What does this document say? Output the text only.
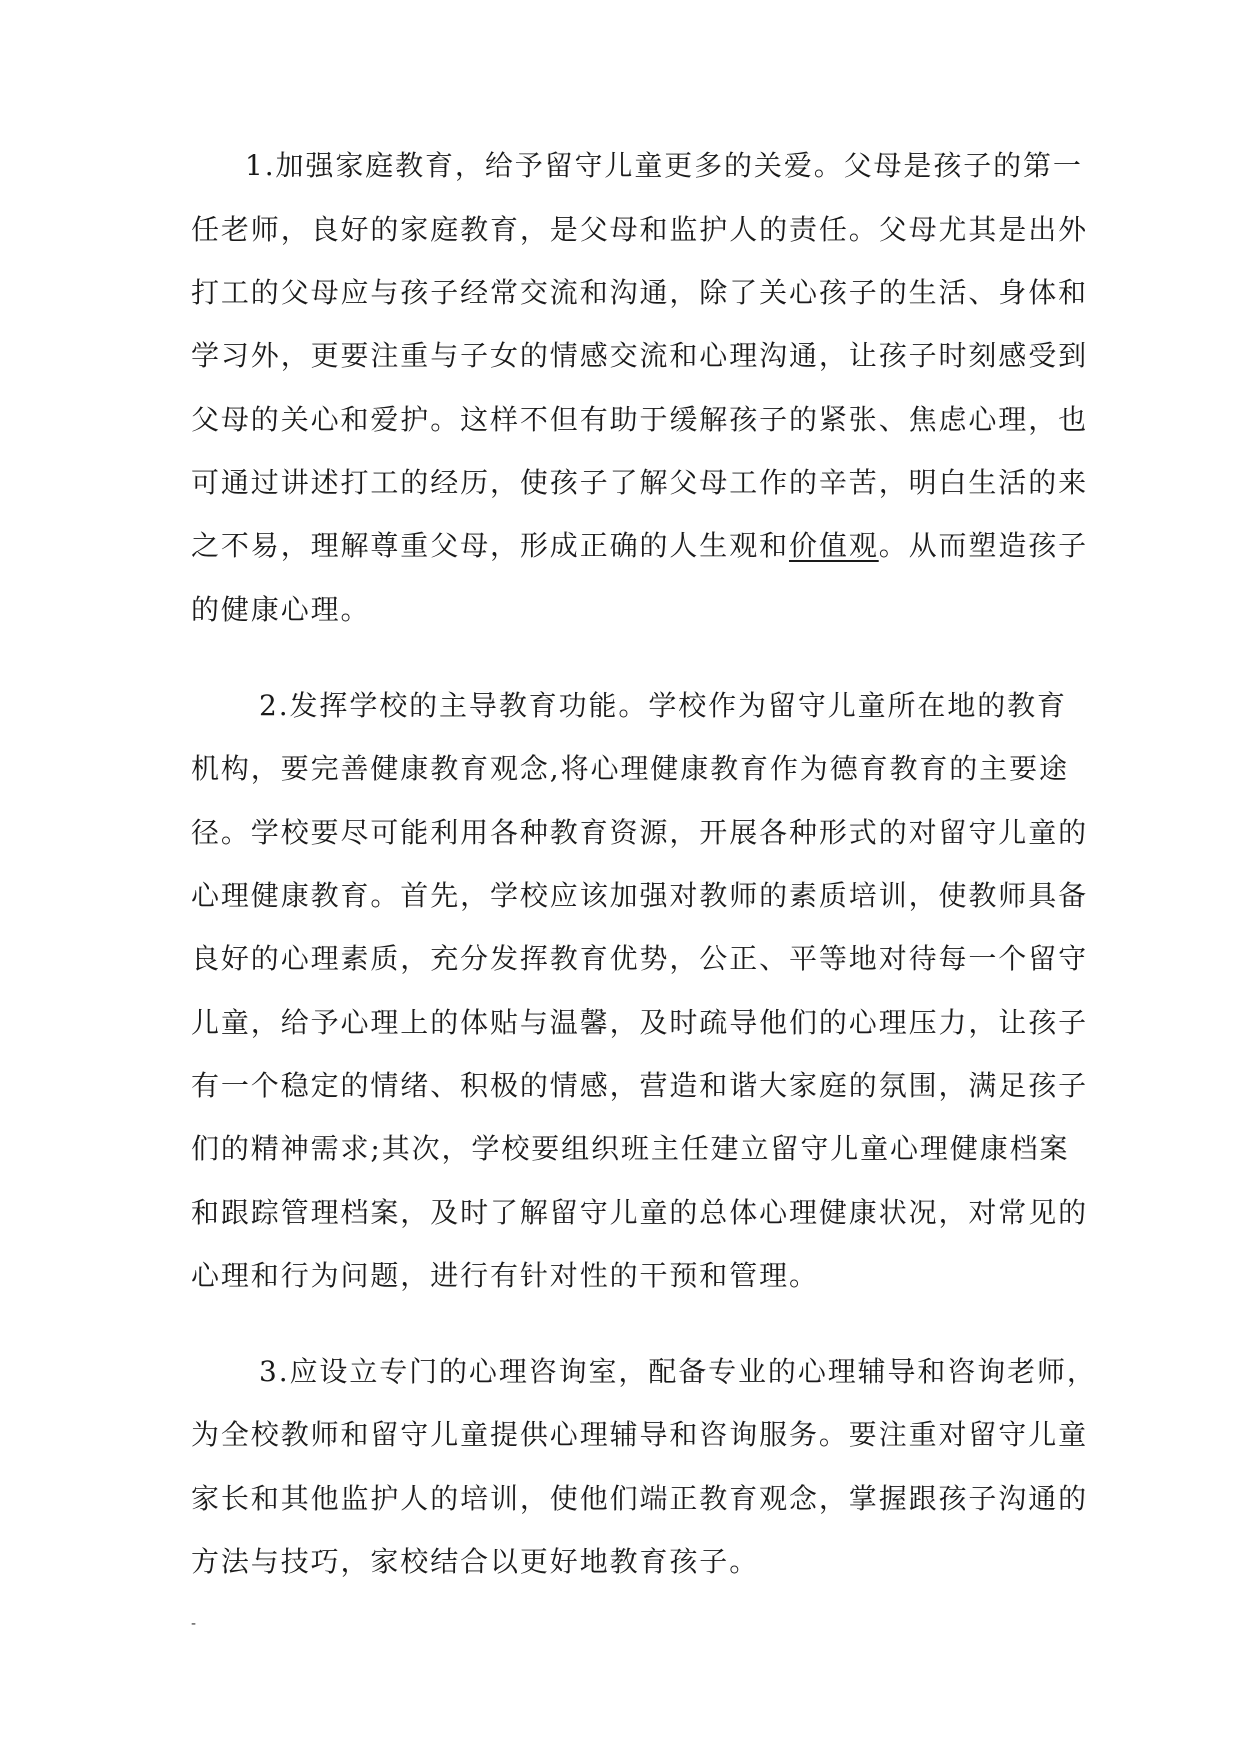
1.加强家庭教育，给予留守儿童更多的关爱。父母是孩子的第一
任老师，良好的家庭教育，是父母和监护人的责任。父母尤其是出外
打工的父母应与孩子经常交流和沟通，除了关心孩子的生活、身体和
学习外，更要注重与子女的情感交流和心理沟通，让孩子时刻感受到
父母的关心和爱护。这样不但有助于缓解孩子的紧张、焦虑心理，也
可通过讲述打工的经历，使孩子了解父母工作的辛苦，明白生活的来
之不易，理解尊重父母，形成正确的人生观和价值观。从而塑造孩子
的健康心理。
2.发挥学校的主导教育功能。学校作为留守儿童所在地的教育
机构，要完善健康教育观念,将心理健康教育作为德育教育的主要途
径。学校要尽可能利用各种教育资源，开展各种形式的对留守儿童的
心理健康教育。首先，学校应该加强对教师的素质培训，使教师具备
良好的心理素质，充分发挥教育优势，公正、平等地对待每一个留守
儿童，给予心理上的体贴与温馨，及时疏导他们的心理压力，让孩子
有一个稳定的情绪、积极的情感，营造和谐大家庭的氛围，满足孩子
们的精神需求;其次，学校要组织班主任建立留守儿童心理健康档案
和跟踪管理档案，及时了解留守儿童的总体心理健康状况，对常见的
心理和行为问题，进行有针对性的干预和管理。
3.应设立专门的心理咨询室，配备专业的心理辅导和咨询老师，
为全校教师和留守儿童提供心理辅导和咨询服务。要注重对留守儿童
家长和其他监护人的培训，使他们端正教育观念，掌握跟孩子沟通的
方法与技巧，家校结合以更好地教育孩子。
-
